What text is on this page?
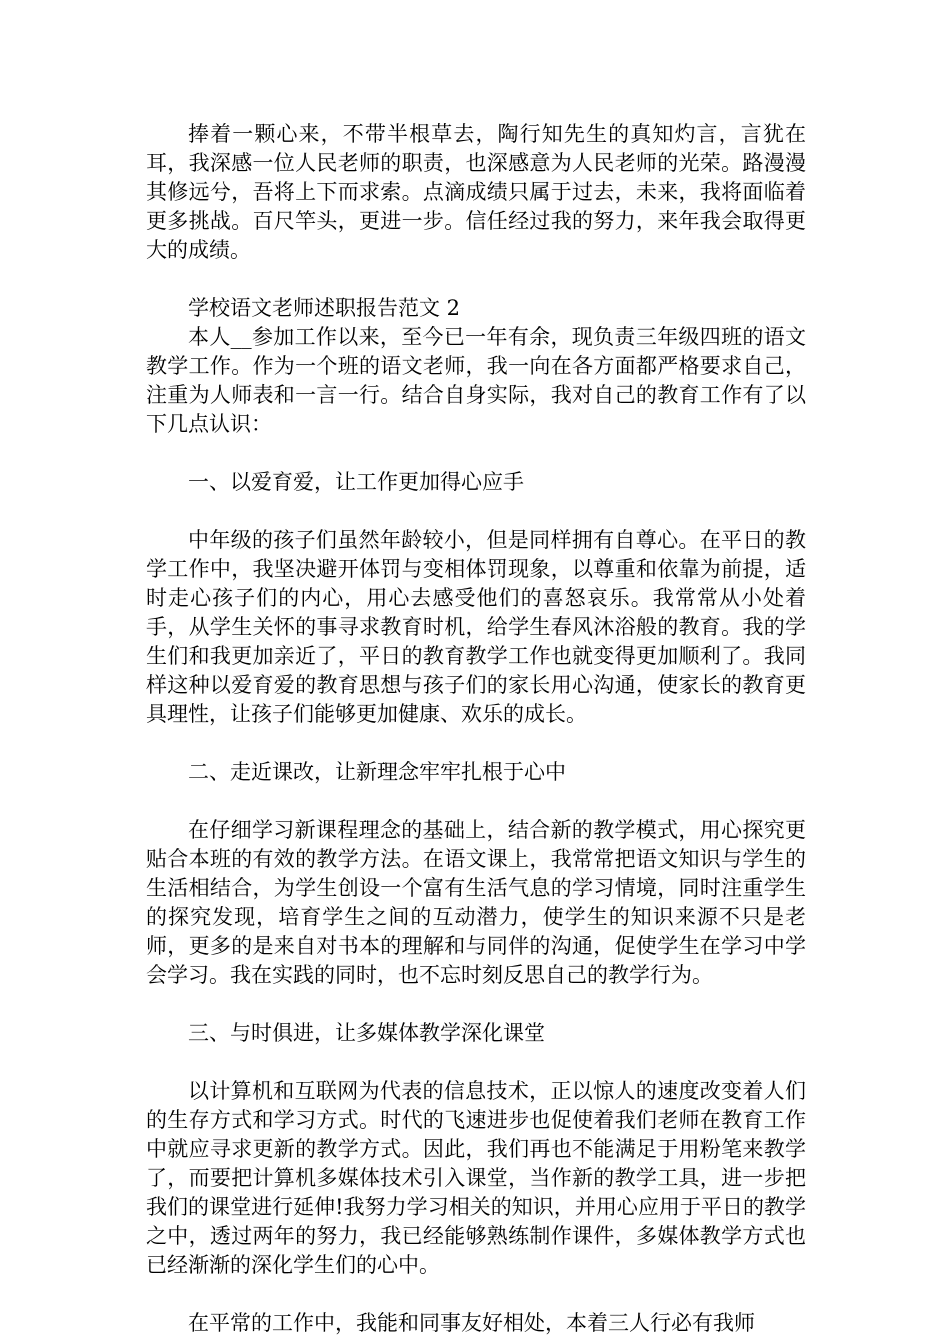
捧着一颗心来，不带半根草去，陶行知先生的真知灼言，言犹在耳，我深感一位人民老师的职责，也深感意为人民老师的光荣。路漫漫其修远兮，吾将上下而求索。点滴成绩只属于过去，未来，我将面临着更多挑战。百尺竿头，更进一步。信任经过我的努力，来年我会取得更大的成绩。

学校语文老师述职报告范文 2

本人__参加工作以来，至今已一年有余，现负责三年级四班的语文教学工作。作为一个班的语文老师，我一向在各方面都严格要求自己，注重为人师表和一言一行。结合自身实际，我对自己的教育工作有了以下几点认识：

一、以爱育爱，让工作更加得心应手

中年级的孩子们虽然年龄较小，但是同样拥有自尊心。在平日的教学工作中，我坚决避开体罚与变相体罚现象，以尊重和依靠为前提，适时走心孩子们的内心，用心去感受他们的喜怒哀乐。我常常从小处着手，从学生关怀的事寻求教育时机，给学生春风沐浴般的教育。我的学生们和我更加亲近了，平日的教育教学工作也就变得更加顺利了。我同样这种以爱育爱的教育思想与孩子们的家长用心沟通，使家长的教育更具理性，让孩子们能够更加健康、欢乐的成长。

二、走近课改，让新理念牢牢扎根于心中

在仔细学习新课程理念的基础上，结合新的教学模式，用心探究更贴合本班的有效的教学方法。在语文课上，我常常把语文知识与学生的生活相结合，为学生创设一个富有生活气息的学习情境，同时注重学生的探究发现，培育学生之间的互动潜力，使学生的知识来源不只是老师，更多的是来自对书本的理解和与同伴的沟通，促使学生在学习中学会学习。我在实践的同时，也不忘时刻反思自己的教学行为。

三、与时俱进，让多媒体教学深化课堂

以计算机和互联网为代表的信息技术，正以惊人的速度改变着人们的生存方式和学习方式。时代的飞速进步也促使着我们老师在教育工作中就应寻求更新的教学方式。因此，我们再也不能满足于用粉笔来教学了，而要把计算机多媒体技术引入课堂，当作新的教学工具，进一步把我们的课堂进行延伸!我努力学习相关的知识，并用心应用于平日的教学之中，透过两年的努力，我已经能够熟练制作课件，多媒体教学方式也已经渐渐的深化学生们的心中。

在平常的工作中，我能和同事友好相处，本着三人行必有我师
